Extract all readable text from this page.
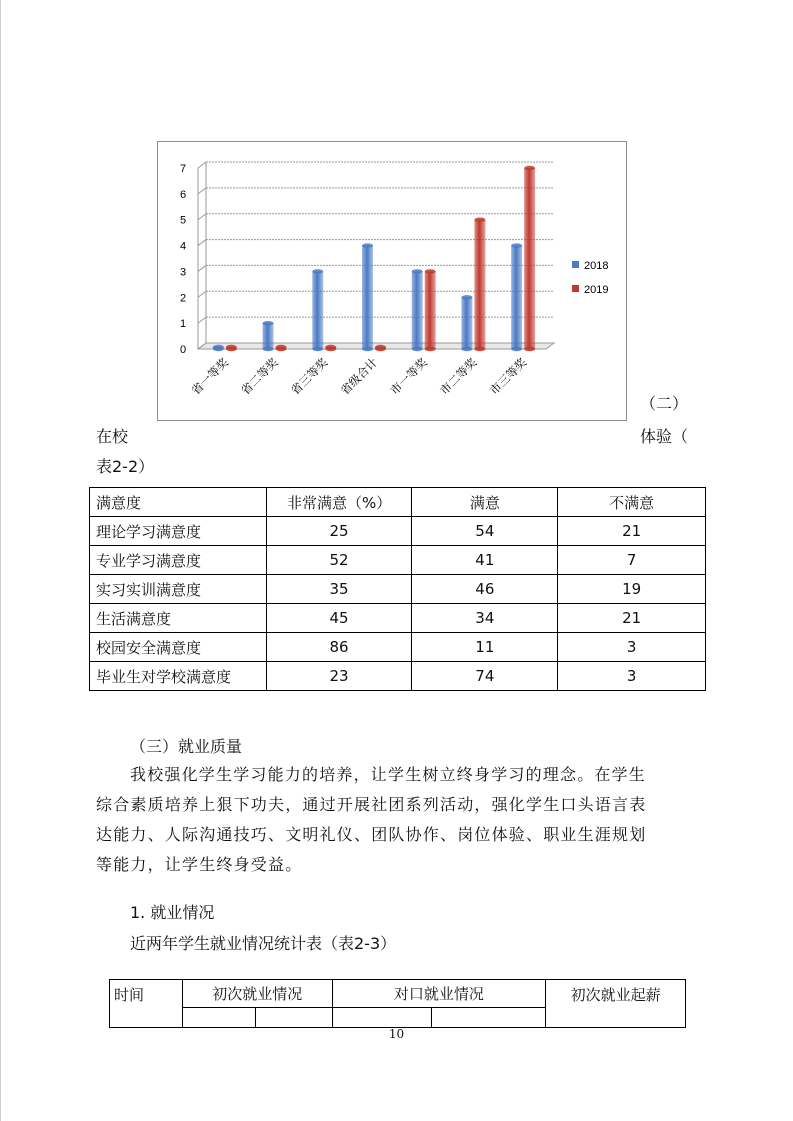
0
1
2
3
4
5
6
7
省一等奖 省二等奖 省三等奖 省级合计 市一等奖 市二等奖 市三等奖
2018
2019
（二）
在校	体验（
表2-2）
满意度	非常满意（%）	满意	不满意
理论学习满意度	25	54	21
专业学习满意度	52	41	7
实习实训满意度	35	46	19
生活满意度	45	34	21
校园安全满意度	86	11	3
毕业生对学校满意度	23	74	3
（三）就业质量

我校强化学生学习能力的培养，让学生树立终身学习的理念。在学生
综合素质培养上狠下功夫，通过开展社团系列活动，强化学生口头语言表
达能力、人际沟通技巧、文明礼仪、团队协作、岗位体验、职业生涯规划
等能力，让学生终身受益。

1. 就业情况
近两年学生就业情况统计表（表2-3）
时间	初次就业情况		对口就业情况		初次就业起薪

10
